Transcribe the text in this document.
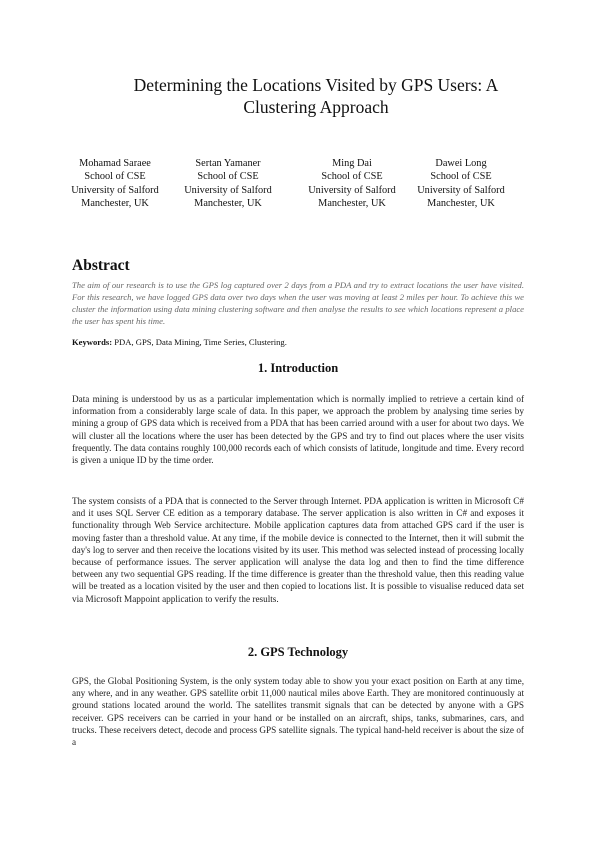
Determining the Locations Visited by GPS Users: A
Clustering Approach
Mohamad Saraee
School of CSE
University of Salford
Manchester, UK
Sertan Yamaner
School of CSE
University of Salford
Manchester, UK
Ming Dai
School of CSE
University of Salford
Manchester, UK
Dawei Long
School of CSE
University of Salford
Manchester, UK
Abstract
The aim of our research is to use the GPS log captured over 2 days from a PDA and try to extract locations the user have visited. For this research, we have logged GPS data over two days when the user was moving at least 2 miles per hour. To achieve this we cluster the information using data mining clustering software and then analyse the results to see which locations represent a place the user has spent his time.
Keywords: PDA, GPS, Data Mining, Time Series, Clustering.
1. Introduction
Data mining is understood by us as a particular implementation which is normally implied to retrieve a certain kind of information from a considerably large scale of data. In this paper, we approach the problem by analysing time series by mining a group of GPS data which is received from a PDA that has been carried around with a user for about two days. We will cluster all the locations where the user has been detected by the GPS and try to find out places where the user visits frequently. The data contains roughly 100,000 records each of which consists of latitude, longitude and time. Every record is given a unique ID by the time order.
The system consists of a PDA that is connected to the Server through Internet. PDA application is written in Microsoft C# and it uses SQL Server CE edition as a temporary database. The server application is also written in C# and exposes it functionality through Web Service architecture. Mobile application captures data from attached GPS card if the user is moving faster than a threshold value. At any time, if the mobile device is connected to the Internet, then it will submit the day's log to server and then receive the locations visited by its user. This method was selected instead of processing locally because of performance issues. The server application will analyse the data log and then to find the time difference between any two sequential GPS reading. If the time difference is greater than the threshold value, then this reading value will be treated as a location visited by the user and then copied to locations list. It is possible to visualise reduced data set via Microsoft Mappoint application to verify the results.
2. GPS Technology
GPS, the Global Positioning System, is the only system today able to show you your exact position on Earth at any time, any where, and in any weather. GPS satellite orbit 11,000 nautical miles above Earth. They are monitored continuously at ground stations located around the world. The satellites transmit signals that can be detected by anyone with a GPS receiver. GPS receivers can be carried in your hand or be installed on an aircraft, ships, tanks, submarines, cars, and trucks. These receivers detect, decode and process GPS satellite signals. The typical hand-held receiver is about the size of a
